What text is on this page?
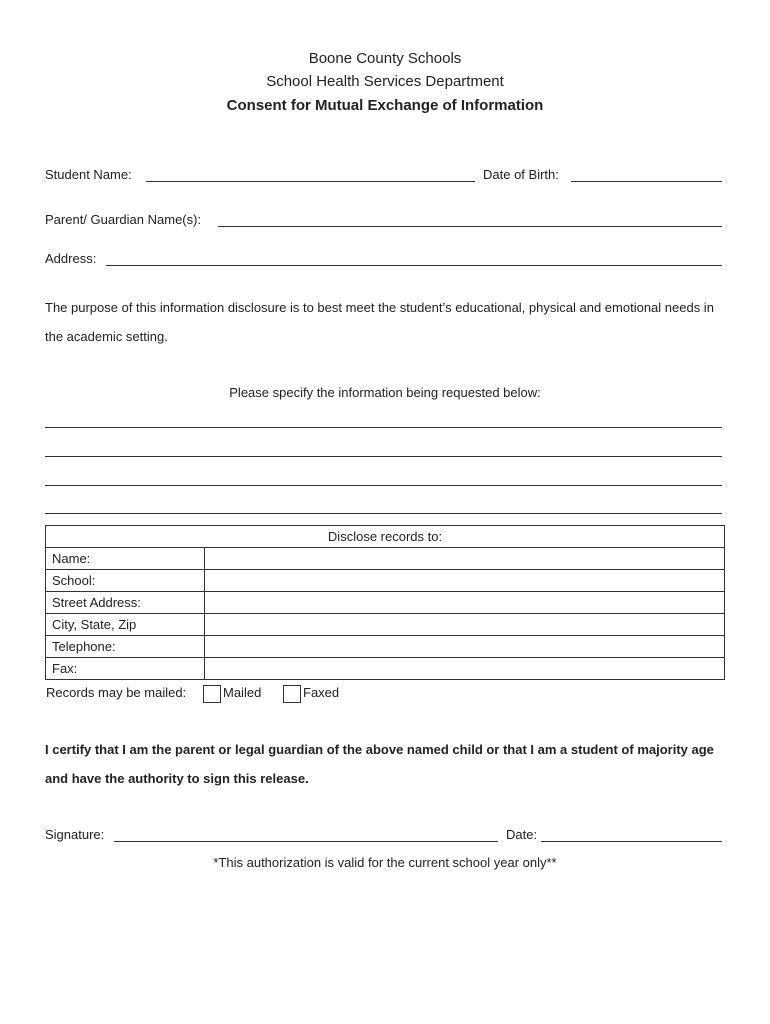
Boone County Schools
School Health Services Department
Consent for Mutual Exchange of Information
Student Name:	Date of Birth:
Parent/ Guardian Name(s):
Address:
The purpose of this information disclosure is to best meet the student’s educational, physical and emotional needs in the academic setting.
Please specify the information being requested below:
Disclose records to:	
Name:	
School:	
Street Address:	
City, State, Zip	
Telephone:	
Fax:	
Records may be mailed:	Mailed	Faxed
I certify that I am the parent or legal guardian of the above named child or that I am a student of majority age and have the authority to sign this release.
Signature:	Date:
*This authorization is valid for the current school year only**
